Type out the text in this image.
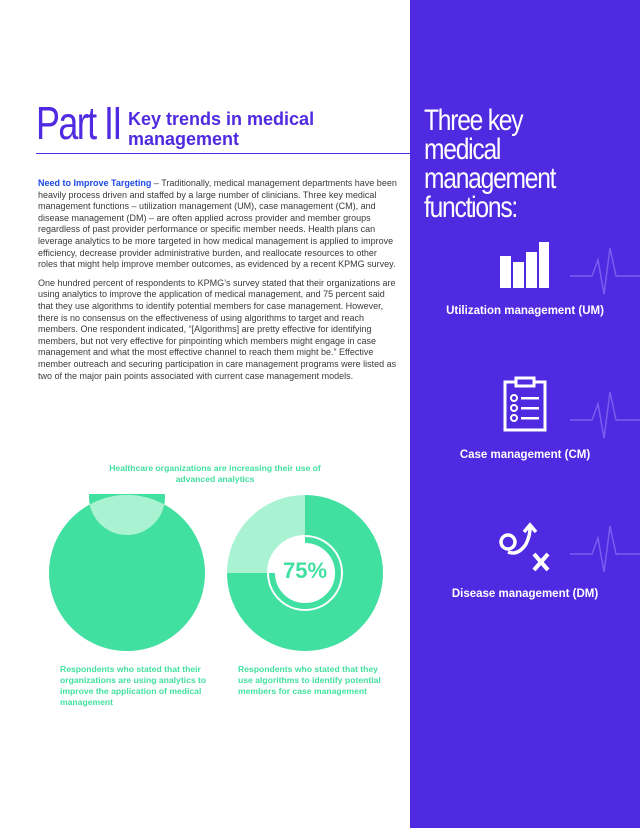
Part II Key trends in medical management

Need to Improve Targeting – Traditionally, medical management departments have been heavily process driven and staffed by a large number of clinicians. Three key medical management functions – utilization management (UM), case management (CM), and disease management (DM) – are often applied across provider and member groups regardless of past provider performance or specific member needs. Health plans can leverage analytics to be more targeted in how medical management is applied to improve efficiency, decrease provider administrative burden, and reallocate resources to other roles that might help improve member outcomes, as evidenced by a recent KPMG survey.

One hundred percent of respondents to KPMG’s survey stated that their organizations are using analytics to improve the application of medical management, and 75 percent said that they use algorithms to identify potential members for case management. However, there is no consensus on the effectiveness of using algorithms to target and reach members. One respondent indicated, “[Algorithms] are pretty effective for identifying members, but not very effective for pinpointing which members might engage in case management and what the most effective channel to reach them might be.” Effective member outreach and securing participation in care management programs were listed as two of the major pain points associated with current case management models.

Healthcare organizations are increasing their use of advanced analytics
100%	75%
Respondents who stated that their organizations are using analytics to improve the application of medical management
Respondents who stated that they use algorithms to identify potential members for case management
Three key medical management functions:
Utilization management (UM)
Case management (CM)
Disease management (DM)
